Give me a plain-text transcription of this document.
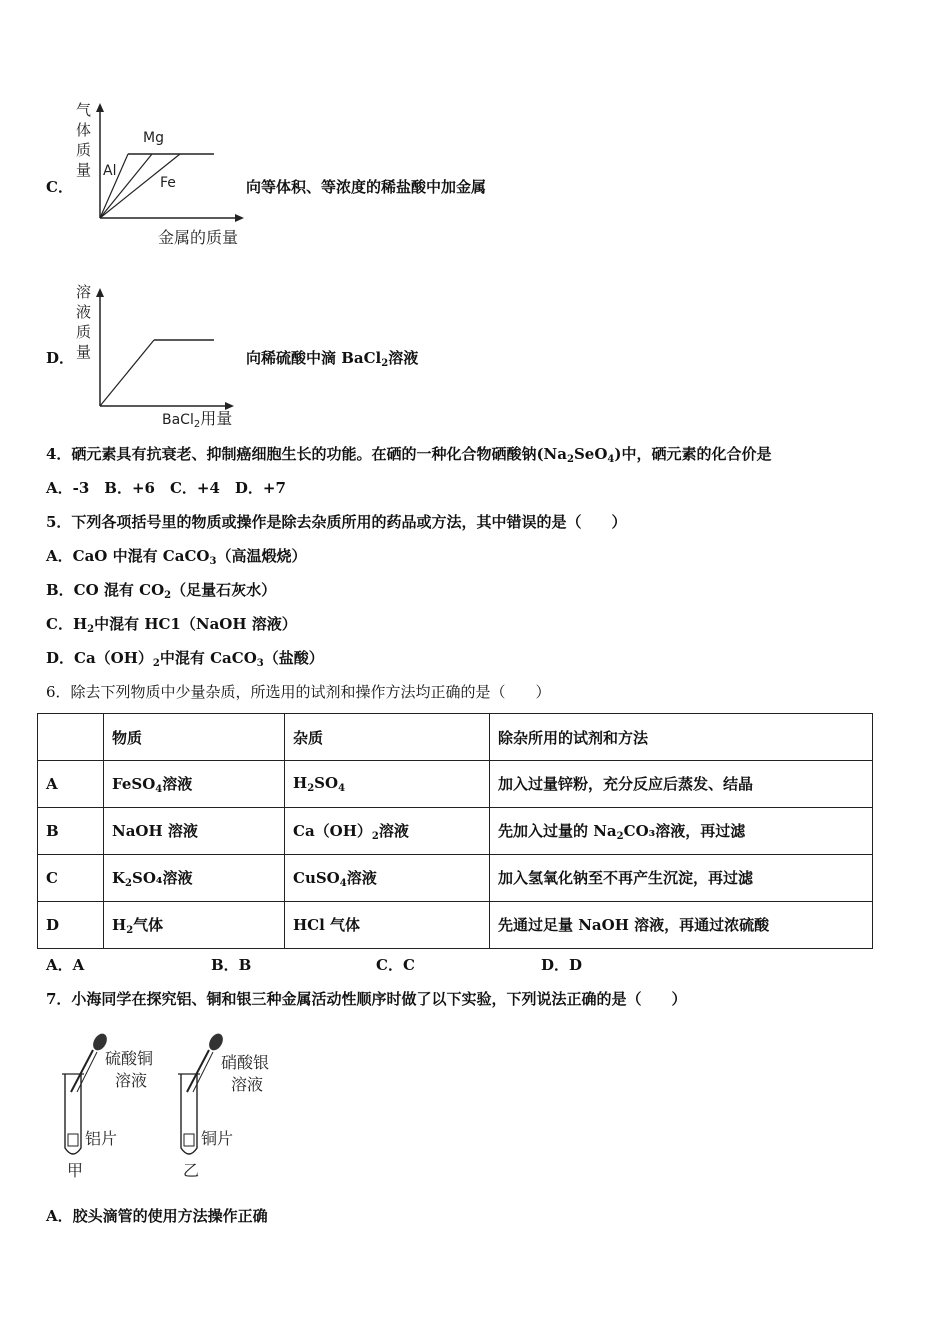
C．
气
体
质
量
Mg
Al
Fe
金属的质量
向等体积、等浓度的稀盐酸中加金属
D．
溶
液
质
量
BaCl$_2$用量
向稀硫酸中滴 BaCl$_2$溶液
4．硒元素具有抗衰老、抑制癌细胞生长的功能。在硒的一种化合物硒酸钠$(Na_2SeO_4)$中，硒元素的化合价是
A．-3　B．+6　C．+4　D．+7
5．下列各项括号里的物质或操作是除去杂质所用的药品或方法，其中错误的是（　　）
A．CaO 中混有 CaCO$_3$（高温煅烧）
B．CO 混有 $CO_2$（足量石灰水）
C．$H_2$中混有 HC1（NaOH 溶液）
D．$Ca(OH)_2$中混有 CaCO$_3$（盐酸）
6．除去下列物质中少量杂质，所选用的试剂和操作方法均正确的是（　　）
	物质	杂质	除杂所用的试剂和方法
A	FeSO$_4$溶液	$H_2SO_4$	加入过量锌粉，充分反应后蒸发、结晶
B	NaOH 溶液	$Ca(OH)_2$溶液	先加入过量的 $Na_2CO_3$溶液，再过滤
C	$K_2SO_4$溶液	CuSO$_4$溶液	加入氢氧化钠至不再产生沉淀，再过滤
D	$H_2$气体	HCl 气体	先通过足量 NaOH 溶液，再通过浓硫酸
A．A	B．B	C．C	D．D
7．小海同学在探究铝、铜和银三种金属活动性顺序时做了以下实验，下列说法正确的是（　　）
硫酸铜
溶液
铝片
甲
硝酸银
溶液
铜片
乙
A．胶头滴管的使用方法操作正确
